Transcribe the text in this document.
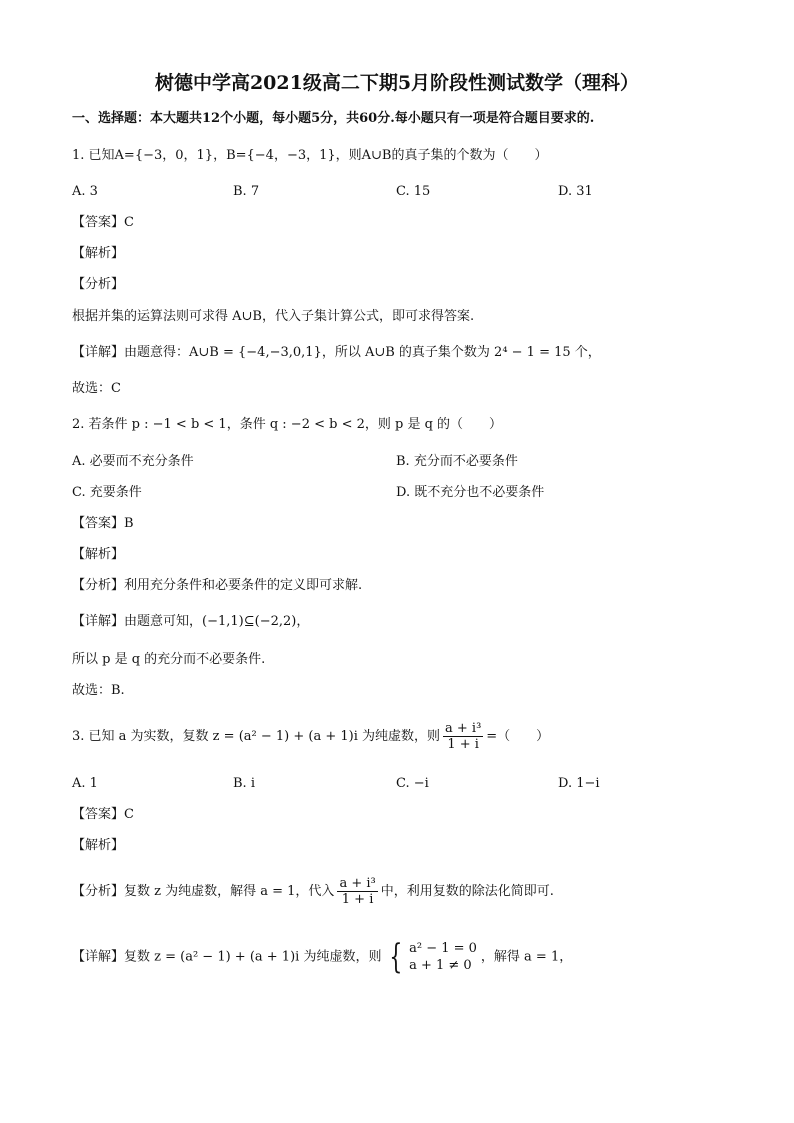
树德中学高2021级高二下期5月阶段性测试数学（理科）
一、选择题：本大题共12个小题，每小题5分，共60分.每小题只有一项是符合题目要求的.
1. 已知A={−3，0，1}，B={−4，−3，1}，则A∪B的真子集的个数为（　　）
A. 3	B. 7	C. 15	D. 31
【答案】C
【解析】
【分析】
根据并集的运算法则可求得 A∪B，代入子集计算公式，即可求得答案.
【详解】由题意得：A∪B = {−4,−3,0,1}，所以 A∪B 的真子集个数为 2⁴ − 1 = 15 个，
故选：C
2. 若条件 p : −1 < b < 1，条件 q : −2 < b < 2，则 p 是 q 的（　　）
A. 必要而不充分条件	B. 充分而不必要条件
C. 充要条件	D. 既不充分也不必要条件
【答案】B
【解析】
【分析】利用充分条件和必要条件的定义即可求解.
【详解】由题意可知，(−1,1)⊆(−2,2)，
所以 p 是 q 的充分而不必要条件.
故选：B.
3. 已知 a 为实数，复数 z = (a² − 1) + (a + 1)i 为纯虚数，则 $\frac{\text{a + i³}}{1 + i}$ =（　　）
A. 1	B. i	C. −i	D. 1−i
【答案】C
【解析】
【分析】复数 z 为纯虚数，解得 a = 1，代入 $\frac{\text{a + i³}}{1 + i}$ 中，利用复数的除法化简即可.
【详解】复数 z = (a² − 1) + (a + 1)i 为纯虚数，则 { a² − 1 = 0
a + 1 ≠ 0
，解得 a = 1，
